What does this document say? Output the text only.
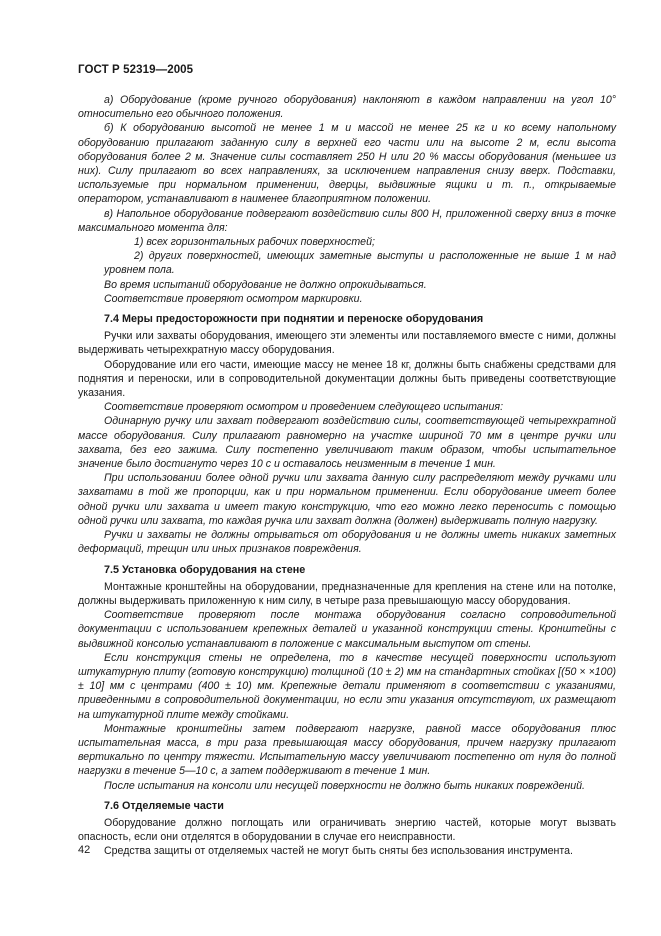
ГОСТ Р 52319—2005

а) Оборудование (кроме ручного оборудования) наклоняют в каждом направлении на угол 10° относительно его обычного положения.

б) К оборудованию высотой не менее 1 м и массой не менее 25 кг и ко всему напольному оборудованию прилагают заданную силу в верхней его части или на высоте 2 м, если высота оборудования более 2 м. Значение силы составляет 250 Н или 20 % массы оборудования (меньшее из них). Силу прилагают во всех направлениях, за исключением направления снизу вверх. Подставки, используемые при нормальном применении, дверцы, выдвижные ящики и т. п., открываемые оператором, устанавливают в наименее благоприятном положении.

в) Напольное оборудование подвергают воздействию силы 800 Н, приложенной сверху вниз в точке максимального момента для:

1) всех горизонтальных рабочих поверхностей;

2) других поверхностей, имеющих заметные выступы и расположенные не выше 1 м над уровнем пола.

Во время испытаний оборудование не должно опрокидываться.

Соответствие проверяют осмотром маркировки.

7.4 Меры предосторожности при поднятии и переноске оборудования

Ручки или захваты оборудования, имеющего эти элементы или поставляемого вместе с ними, должны выдерживать четырехкратную массу оборудования.

Оборудование или его части, имеющие массу не менее 18 кг, должны быть снабжены средствами для поднятия и переноски, или в сопроводительной документации должны быть приведены соответствующие указания.

Соответствие проверяют осмотром и проведением следующего испытания:

Одинарную ручку или захват подвергают воздействию силы, соответствующей четырехкратной массе оборудования. Силу прилагают равномерно на участке шириной 70 мм в центре ручки или захвата, без его зажима. Силу постепенно увеличивают таким образом, чтобы испытательное значение было достигнуто через 10 с и оставалось неизменным в течение 1 мин.

При использовании более одной ручки или захвата данную силу распределяют между ручками или захватами в той же пропорции, как и при нормальном применении. Если оборудование имеет более одной ручки или захвата и имеет такую конструкцию, что его можно легко переносить с помощью одной ручки или захвата, то каждая ручка или захват должна (должен) выдерживать полную нагрузку.

Ручки и захваты не должны отрываться от оборудования и не должны иметь никаких заметных деформаций, трещин или иных признаков повреждения.

7.5 Установка оборудования на стене

Монтажные кронштейны на оборудовании, предназначенные для крепления на стене или на потолке, должны выдерживать приложенную к ним силу, в четыре раза превышающую массу оборудования.

Соответствие проверяют после монтажа оборудования согласно сопроводительной документации с использованием крепежных деталей и указанной конструкции стены. Кронштейны с выдвижной консолью устанавливают в положение с максимальным выступом от стены.

Если конструкция стены не определена, то в качестве несущей поверхности используют штукатурную плиту (готовую конструкцию) толщиной (10 ± 2) мм на стандартных стойках [(50 × ×100) ± 10] мм с центрами (400 ± 10) мм. Крепежные детали применяют в соответствии с указаниями, приведенными в сопроводительной документации, но если эти указания отсутствуют, их размещают на штукатурной плите между стойками.

Монтажные кронштейны затем подвергают нагрузке, равной массе оборудования плюс испытательная масса, в три раза превышающая массу оборудования, причем нагрузку прилагают вертикально по центру тяжести. Испытательную массу увеличивают постепенно от нуля до полной нагрузки в течение 5—10 с, а затем поддерживают в течение 1 мин.

После испытания на консоли или несущей поверхности не должно быть никаких повреждений.

7.6 Отделяемые части

Оборудование должно поглощать или ограничивать энергию частей, которые могут вызвать опасность, если они отделятся в оборудовании в случае его неисправности.

Средства защиты от отделяемых частей не могут быть сняты без использования инструмента.

42
